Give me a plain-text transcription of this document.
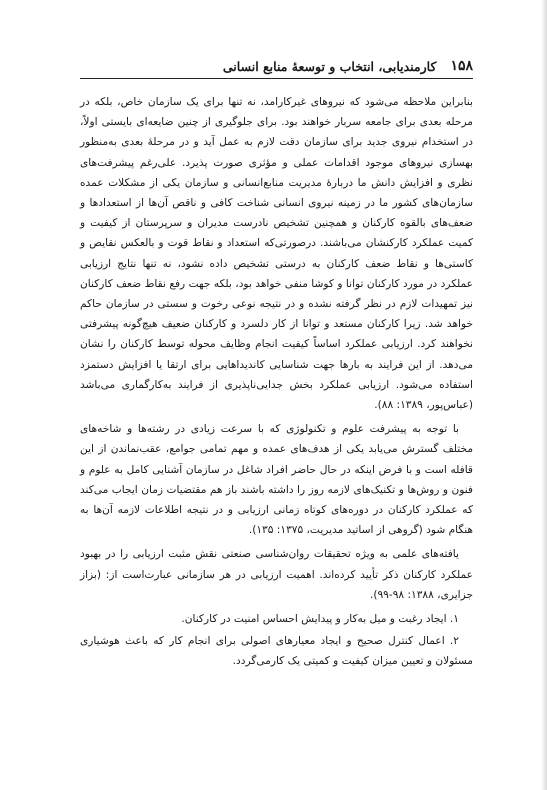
۱۵۸
کارمندیابی، انتخاب و توسعۀ منابع انسانی

بنابراین ملاحظه می‌شود که نیروهای غیرکارامد، نه تنها برای یک سازمان خاص، بلکه در مرحله بعدی برای جامعه سربار خواهند بود. برای جلوگیری از چنین ضایعه‌ای بایستی اولاً، در استخدام نیروی جدید برای سازمان دقت لازم به عمل آید و در مرحلهٔ بعدی به‌منظور بهسازی نیروهای موجود اقدامات عملی و مؤثری صورت پذیرد. علی‌رغم پیشرفت‌های نظری و افزایش دانش ما دربارهٔ مدیریت منابع‌انسانی و سازمان یکی از مشکلات عمده سازمان‌های کشور ما در زمینه نیروی انسانی شناخت کافی و ناقص آن‌ها از استعدادها و ضعف‌های بالقوه کارکنان و همچنین تشخیص نادرست مدیران و سرپرستان از کیفیت و کمیت عملکرد کارکنشان می‌باشند. درصورتی‌که استعداد و نقاط قوت و بالعکس نقایص و کاستی‌ها و نقاط ضعف کارکنان به درستی تشخیص داده نشود، نه تنها نتایج ارزیابی عملکرد در مورد کارکنان توانا و کوشا منفی خواهد بود، بلکه جهت رفع نقاط ضعف کارکنان نیز تمهیدات لازم در نظر گرفته نشده و در نتیجه نوعی رخوت و سستی در سازمان حاکم خواهد شد. زیرا کارکنان مستعد و توانا از کار دلسرد و کارکنان ضعیف هیچ‌گونه پیشرفتی نخواهند کرد. ارزیابی عملکرد اساساً کیفیت انجام وظایف محوله توسط کارکنان را نشان می‌دهد. از این فرایند به بارها جهت شناسایی کاندیداهایی برای ارتقا یا افزایش دستمزد استفاده می‌شود. ارزیابی عملکرد بخش جدایی‌ناپذیری از فرایند به‌کارگماری می‌باشد (عباس‌پور، ۱۳۸۹: ۸۸).

با توجه به پیشرفت علوم و تکنولوژی که با سرعت زیادی در رشته‌ها و شاخه‌های مختلف گسترش می‌یابد یکی از هدف‌های عمده و مهم تمامی جوامع، عقب‌نماندن از این قافله است و با فرض اینکه در حال حاضر افراد شاغل در سازمان آشنایی کامل به علوم و فنون و روش‌ها و تکنیک‌های لازمه روز را داشته باشند باز هم مقتضیات زمان ایجاب می‌کند که عملکرد کارکنان در دوره‌های کوتاه زمانی ارزیابی و در نتیجه اطلاعات لازمه آن‌ها به هنگام شود (گروهی از اساتید مدیریت، ۱۳۷۵: ۱۳۵).

یافته‌های علمی به ویژه تحقیقات روان‌شناسی صنعتی نقش مثبت ارزیابی را در بهبود عملکرد کارکنان ذکر تأیید کرده‌اند. اهمیت ارزیابی در هر سازمانی عبارت‌است از: (بزاز جزایری، ۱۳۸۸: ۹۸-۹۹).

۱. ایجاد رغبت و میل به‌کار و پیدایش احساس امنیت در کارکنان.

۲. اعمال کنترل صحیح و ایجاد معیارهای اصولی برای انجام کار که باعث هوشیاری مسئولان و تعیین میزان کیفیت و کمیتی یک کارمی‌گردد.
